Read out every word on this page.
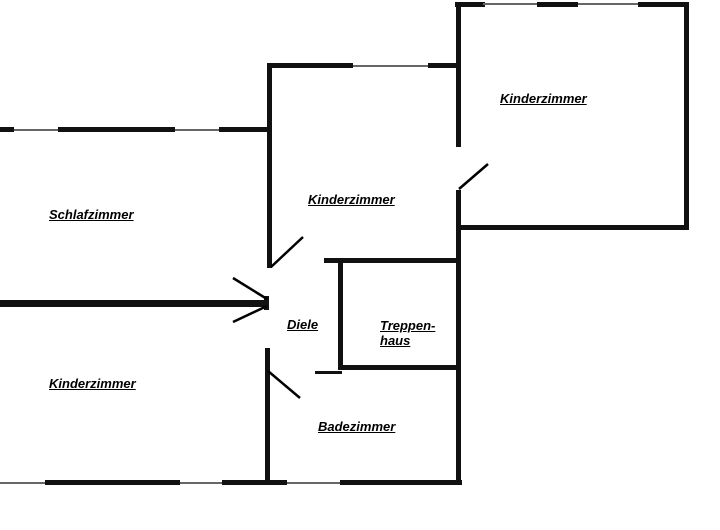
Schlafzimmer
Kinderzimmer
Kinderzimmer
Kinderzimmer
Diele	Treppen-
haus
Badezimmer
